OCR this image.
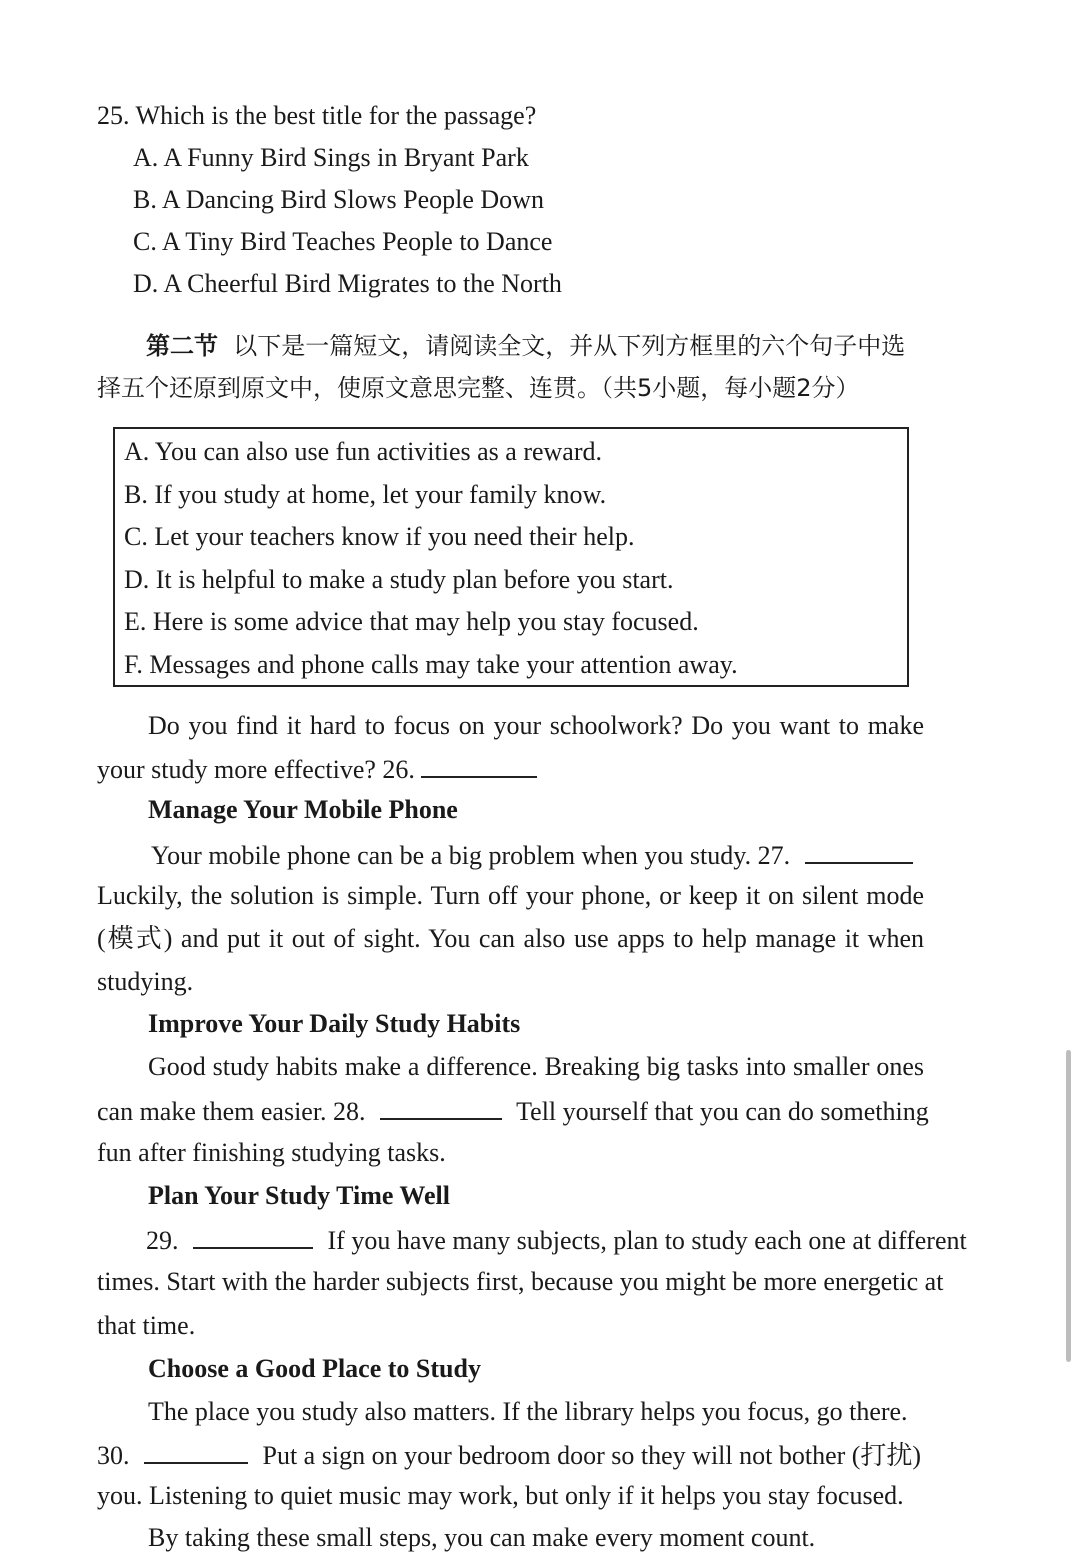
25. Which is the best title for the passage?
A. A Funny Bird Sings in Bryant Park
B. A Dancing Bird Slows People Down
C. A Tiny Bird Teaches People to Dance
D. A Cheerful Bird Migrates to the North
第二节 以下是一篇短文，请阅读全文，并从下列方框里的六个句子中选
择五个还原到原文中，使原文意思完整、连贯。（共5小题，每小题2分）
A. You can also use fun activities as a reward.
B. If you study at home, let your family know.
C. Let your teachers know if you need their help.
D. It is helpful to make a study plan before you start.
E. Here is some advice that may help you stay focused.
F. Messages and phone calls may take your attention away.
Do you find it hard to focus on your schoolwork? Do you want to make
your study more effective? 26.
Manage Your Mobile Phone
Your mobile phone can be a big problem when you study. 27.
Luckily, the solution is simple. Turn off your phone, or keep it on silent mode
(模式) and put it out of sight. You can also use apps to help manage it when
studying.
Improve Your Daily Study Habits
Good study habits make a difference. Breaking big tasks into smaller ones
can make them easier. 28.	Tell yourself that you can do something
fun after finishing studying tasks.
Plan Your Study Time Well
29.	If you have many subjects, plan to study each one at different
times. Start with the harder subjects first, because you might be more energetic at
that time.
Choose a Good Place to Study
The place you study also matters. If the library helps you focus, go there.
30.	Put a sign on your bedroom door so they will not bother (打扰)
you. Listening to quiet music may work, but only if it helps you stay focused.
By taking these small steps, you can make every moment count.
